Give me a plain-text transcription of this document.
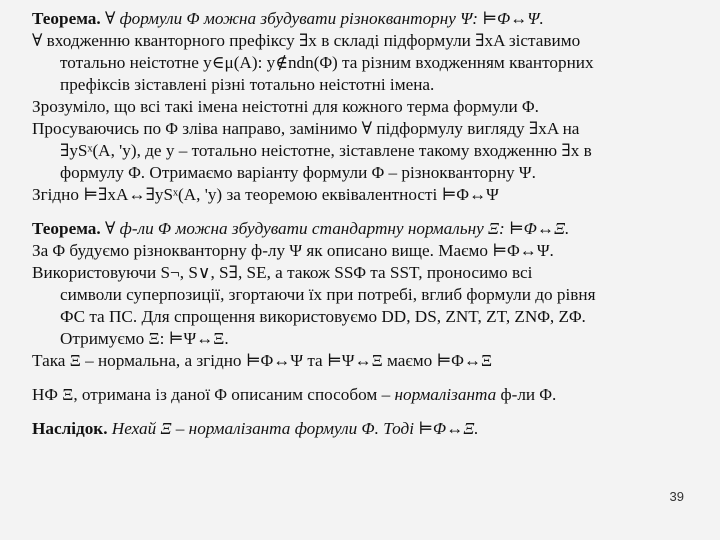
Теорема. ∀ формули Φ можна збудувати різнокванторну Ψ: ⊨Φ↔Ψ.
∀ входженню кванторного префіксу ∃x в складі підформули ∃xA зіставимо
тотально неістотне y∈μ(A): y∉ndn(Φ) та різним входженням кванторних
префіксів зіставлені різні тотально неістотні імена.
Зрозуміло, що всі такі імена неістотні для кожного терма формули Φ.
Просуваючись по Φ зліва направо, замінимо ∀ підформулу вигляду ∃xA на
∃ySˣ(A, 'y), де y – тотально неістотне, зіставлене такому входженню ∃x в
формулу Φ. Отримаємо варіанту формули Φ – різнокванторну Ψ.
Згідно ⊨∃xA↔∃ySˣ(A, 'y) за теоремою еквівалентності ⊨Φ↔Ψ
Теорема. ∀ ф-ли Φ можна збудувати стандартну нормальну Ξ: ⊨Φ↔Ξ.
За Φ будуємо різнокванторну ф-лу Ψ як описано вище. Маємо ⊨Φ↔Ψ.
Використовуючи S¬, S∨, S∃, SE, а також SSΦ та SST, проносимо всі
символи суперпозиції, згортаючи їх при потребі, вглиб формули до рівня
ФС та ПС. Для спрощення використовуємо DD, DS, ZNT, ZT, ZNΦ, ZΦ.
Отримуємо Ξ: ⊨Ψ↔Ξ.
Така Ξ – нормальна, а згідно ⊨Φ↔Ψ та ⊨Ψ↔Ξ маємо ⊨Φ↔Ξ
НФ Ξ, отримана із даної Φ описаним способом – нормалізанта ф-ли Φ.
Наслідок. Нехай Ξ – нормалізанта формули Φ. Тоді ⊨Φ↔Ξ.
39
